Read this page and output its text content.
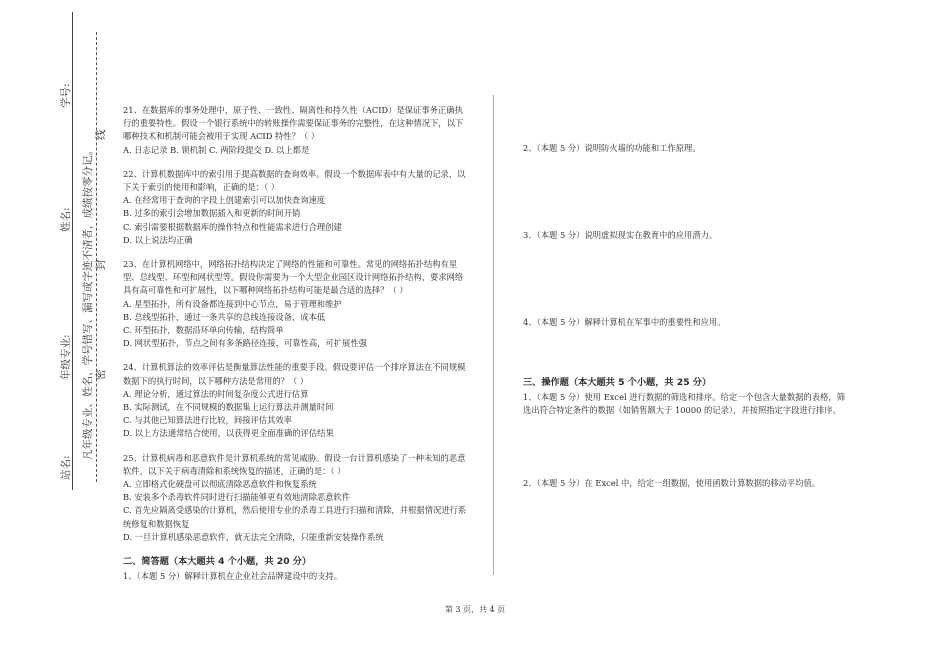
学号:
姓名:
年级专业:
站名:
凡年级专业、姓名、学号错写、漏写或字迹不清者，成绩按零分记。 密
封
线

21、在数据库的事务处理中，原子性、一致性、隔离性和持久性（ACID）是保证事务正确执行的重要特性。假设一个银行系统中的转账操作需要保证事务的完整性，在这种情况下，以下哪种技术和机制可能会被用于实现 ACID 特性？（ ）

A. 日志记录 B. 锁机制 C. 两阶段提交 D. 以上都是

22、计算机数据库中的索引用于提高数据的查询效率。假设一个数据库表中有大量的记录，以下关于索引的使用和影响，正确的是：（ ）

A. 在经常用于查询的字段上创建索引可以加快查询速度

B. 过多的索引会增加数据插入和更新的时间开销

C. 索引需要根据数据库的操作特点和性能需求进行合理创建

D. 以上说法均正确

23、在计算机网络中，网络拓扑结构决定了网络的性能和可靠性。常见的网络拓扑结构有星型、总线型、环型和网状型等。假设你需要为一个大型企业园区设计网络拓扑结构，要求网络具有高可靠性和可扩展性，以下哪种网络拓扑结构可能是最合适的选择？（ ）

A. 星型拓扑，所有设备都连接到中心节点，易于管理和维护

B. 总线型拓扑，通过一条共享的总线连接设备，成本低

C. 环型拓扑，数据沿环单向传输，结构简单

D. 网状型拓扑，节点之间有多条路径连接，可靠性高，可扩展性强

24、计算机算法的效率评估是衡量算法性能的重要手段。假设要评估一个排序算法在不同规模数据下的执行时间，以下哪种方法是常用的？（ ）

A. 理论分析，通过算法的时间复杂度公式进行估算

B. 实际测试，在不同规模的数据集上运行算法并测量时间

C. 与其他已知算法进行比较，间接评估其效率

D. 以上方法通常结合使用，以获得更全面准确的评估结果

25、计算机病毒和恶意软件是计算机系统的常见威胁。假设一台计算机感染了一种未知的恶意软件，以下关于病毒清除和系统恢复的描述，正确的是：（ ）

A. 立即格式化硬盘可以彻底清除恶意软件和恢复系统

B. 安装多个杀毒软件同时进行扫描能够更有效地清除恶意软件

C. 首先应隔离受感染的计算机，然后使用专业的杀毒工具进行扫描和清除，并根据情况进行系统修复和数据恢复

D. 一旦计算机感染恶意软件，就无法完全清除，只能重新安装操作系统

二、简答题（本大题共 4 个小题，共 20 分）

1、（本题 5 分）解释计算机在企业社会品牌建设中的支持。

2、（本题 5 分）说明防火墙的功能和工作原理。

3、（本题 5 分）说明虚拟现实在教育中的应用潜力。

4、（本题 5 分）解释计算机在军事中的重要性和应用。

三、操作题（本大题共 5 个小题，共 25 分）

1、（本题 5 分）使用 Excel 进行数据的筛选和排序。给定一个包含大量数据的表格，筛选出符合特定条件的数据（如销售额大于 10000 的记录），并按照指定字段进行排序。

2、（本题 5 分）在 Excel 中，给定一组数据，使用函数计算数据的移动平均值。

第 3 页，共 4 页
